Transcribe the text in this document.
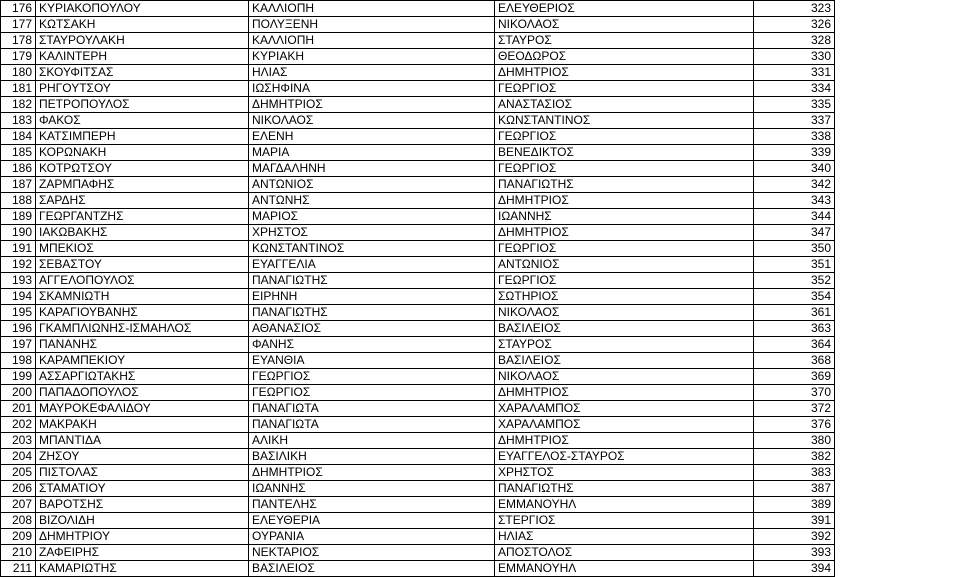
176	ΚΥΡΙΑΚΟΠΟΥΛΟΥ	ΚΑΛΛΙΟΠΗ	ΕΛΕΥΘΕΡΙΟΣ	323
177	ΚΩΤΣΑΚΗ	ΠΟΛΥΞΕΝΗ	ΝΙΚΟΛΑΟΣ	326
178	ΣΤΑΥΡΟΥΛΑΚΗ	ΚΑΛΛΙΟΠΗ	ΣΤΑΥΡΟΣ	328
179	ΚΑΛΙΝΤΕΡΗ	ΚΥΡΙΑΚΗ	ΘΕΟΔΩΡΟΣ	330
180	ΣΚΟΥΦΙΤΣΑΣ	ΗΛΙΑΣ	ΔΗΜΗΤΡΙΟΣ	331
181	ΡΗΓΟΥΤΣΟΥ	ΙΩΣΗΦΙΝΑ	ΓΕΩΡΓΙΟΣ	334
182	ΠΕΤΡΟΠΟΥΛΟΣ	ΔΗΜΗΤΡΙΟΣ	ΑΝΑΣΤΑΣΙΟΣ	335
183	ΦΑΚΟΣ	ΝΙΚΟΛΑΟΣ	ΚΩΝΣΤΑΝΤΙΝΟΣ	337
184	ΚΑΤΣΙΜΠΕΡΗ	ΕΛΕΝΗ	ΓΕΩΡΓΙΟΣ	338
185	ΚΟΡΩΝΑΚΗ	ΜΑΡΙΑ	ΒΕΝΕΔΙΚΤΟΣ	339
186	ΚΟΤΡΩΤΣΟΥ	ΜΑΓΔΑΛΗΝΗ	ΓΕΩΡΓΙΟΣ	340
187	ΖΑΡΜΠΑΦΗΣ	ΑΝΤΩΝΙΟΣ	ΠΑΝΑΓΙΩΤΗΣ	342
188	ΣΑΡΔΗΣ	ΑΝΤΩΝΗΣ	ΔΗΜΗΤΡΙΟΣ	343
189	ΓΕΩΡΓΑΝΤΖΗΣ	ΜΑΡΙΟΣ	ΙΩΑΝΝΗΣ	344
190	ΙΑΚΩΒΑΚΗΣ	ΧΡΗΣΤΟΣ	ΔΗΜΗΤΡΙΟΣ	347
191	ΜΠΕΚΙΟΣ	ΚΩΝΣΤΑΝΤΙΝΟΣ	ΓΕΩΡΓΙΟΣ	350
192	ΣΕΒΑΣΤΟΥ	ΕΥΑΓΓΕΛΙΑ	ΑΝΤΩΝΙΟΣ	351
193	ΑΓΓΕΛΟΠΟΥΛΟΣ	ΠΑΝΑΓΙΩΤΗΣ	ΓΕΩΡΓΙΟΣ	352
194	ΣΚΑΜΝΙΩΤΗ	ΕΙΡΗΝΗ	ΣΩΤΗΡΙΟΣ	354
195	ΚΑΡΑΓΙΟΥΒΑΝΗΣ	ΠΑΝΑΓΙΩΤΗΣ	ΝΙΚΟΛΑΟΣ	361
196	ΓΚΑΜΠΛΙΩΝΗΣ-ΙΣΜΑΗΛΟΣ	ΑΘΑΝΑΣΙΟΣ	ΒΑΣΙΛΕΙΟΣ	363
197	ΠΑΝΑΝΗΣ	ΦΑΝΗΣ	ΣΤΑΥΡΟΣ	364
198	ΚΑΡΑΜΠΕΚΙΟΥ	ΕΥΑΝΘΙΑ	ΒΑΣΙΛΕΙΟΣ	368
199	ΑΣΣΑΡΓΙΩΤΑΚΗΣ	ΓΕΩΡΓΙΟΣ	ΝΙΚΟΛΑΟΣ	369
200	ΠΑΠΑΔΟΠΟΥΛΟΣ	ΓΕΩΡΓΙΟΣ	ΔΗΜΗΤΡΙΟΣ	370
201	ΜΑΥΡΟΚΕΦΑΛΙΔΟΥ	ΠΑΝΑΓΙΩΤΑ	ΧΑΡΑΛΑΜΠΟΣ	372
202	ΜΑΚΡΑΚΗ	ΠΑΝΑΓΙΩΤΑ	ΧΑΡΑΛΑΜΠΟΣ	376
203	ΜΠΑΝΤΙΔΑ	ΑΛΙΚΗ	ΔΗΜΗΤΡΙΟΣ	380
204	ΖΗΣΟΥ	ΒΑΣΙΛΙΚΗ	ΕΥΑΓΓΕΛΟΣ-ΣΤΑΥΡΟΣ	382
205	ΠΙΣΤΟΛΑΣ	ΔΗΜΗΤΡΙΟΣ	ΧΡΗΣΤΟΣ	383
206	ΣΤΑΜΑΤΙΟΥ	ΙΩΑΝΝΗΣ	ΠΑΝΑΓΙΩΤΗΣ	387
207	ΒΑΡΟΤΣΗΣ	ΠΑΝΤΕΛΗΣ	ΕΜΜΑΝΟΥΗΛ	389
208	ΒΙΖΟΛΙΔΗ	ΕΛΕΥΘΕΡΙΑ	ΣΤΕΡΓΙΟΣ	391
209	ΔΗΜΗΤΡΙΟΥ	ΟΥΡΑΝΙΑ	ΗΛΙΑΣ	392
210	ΖΑΦΕΙΡΗΣ	ΝΕΚΤΑΡΙΟΣ	ΑΠΟΣΤΟΛΟΣ	393
211	ΚΑΜΑΡΙΩΤΗΣ	ΒΑΣΙΛΕΙΟΣ	ΕΜΜΑΝΟΥΗΛ	394
